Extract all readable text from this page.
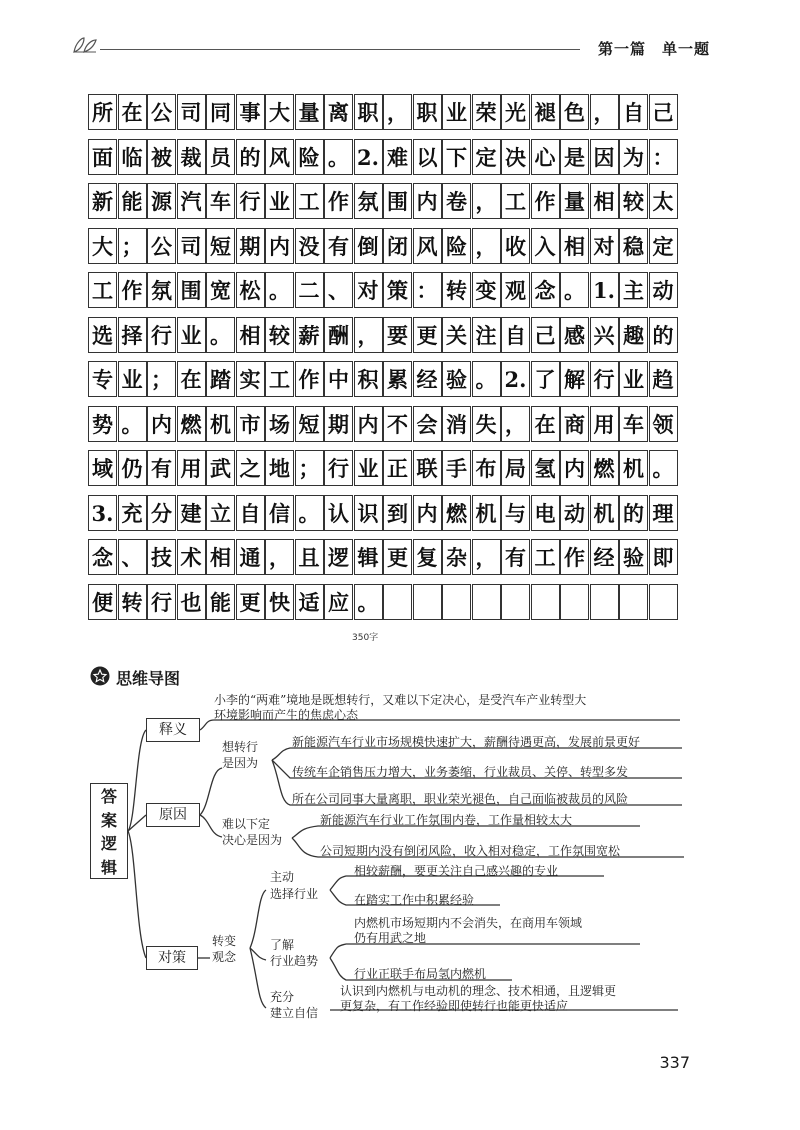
第一篇　单一题
所 在 公 司 同 事 大 量 离 职 ， 职 业 荣 光 褪 色 ， 自 己
面 临 被 裁 员 的 风 险 。 2. 难 以 下 定 决 心 是 因 为 ：
新 能 源 汽 车 行 业 工 作 氛 围 内 卷 ， 工 作 量 相 较 太
大 ； 公 司 短 期 内 没 有 倒 闭 风 险 ， 收 入 相 对 稳 定
工 作 氛 围 宽 松 。 二 、 对 策 ： 转 变 观 念 。 1. 主 动
选 择 行 业 。 相 较 薪 酬 ， 要 更 关 注 自 己 感 兴 趣 的
专 业 ； 在 踏 实 工 作 中 积 累 经 验 。 2. 了 解 行 业 趋
势 。 内 燃 机 市 场 短 期 内 不 会 消 失 ， 在 商 用 车 领
域 仍 有 用 武 之 地 ； 行 业 正 联 手 布 局 氢 内 燃 机 。
3. 充 分 建 立 自 信 。 认 识 到 内 燃 机 与 电 动 机 的 理
念 、 技 术 相 通 ， 且 逻 辑 更 复 杂 ， 有 工 作 经 验 即
便 转 行 也 能 更 快 适 应 。
350字
思维导图
答
案
逻
辑
释义
小李的“两难”境地是既想转行，又难以下定决心，是受汽车产业转型大
环境影响而产生的焦虑心态
原因
想转行
是因为
新能源汽车行业市场规模快速扩大，薪酬待遇更高，发展前景更好
传统车企销售压力增大，业务萎缩，行业裁员、关停、转型多发
所在公司同事大量离职，职业荣光褪色，自己面临被裁员的风险
难以下定
决心是因为
新能源汽车行业工作氛围内卷，工作量相较太大
公司短期内没有倒闭风险，收入相对稳定，工作氛围宽松
对策
转变
观念
主动
选择行业
相较薪酬，要更关注自己感兴趣的专业
在踏实工作中积累经验
了解
行业趋势
内燃机市场短期内不会消失，在商用车领域
仍有用武之地
行业正联手布局氢内燃机
充分
建立自信
认识到内燃机与电动机的理念、技术相通，且逻辑更
更复杂，有工作经验即使转行也能更快适应
337
